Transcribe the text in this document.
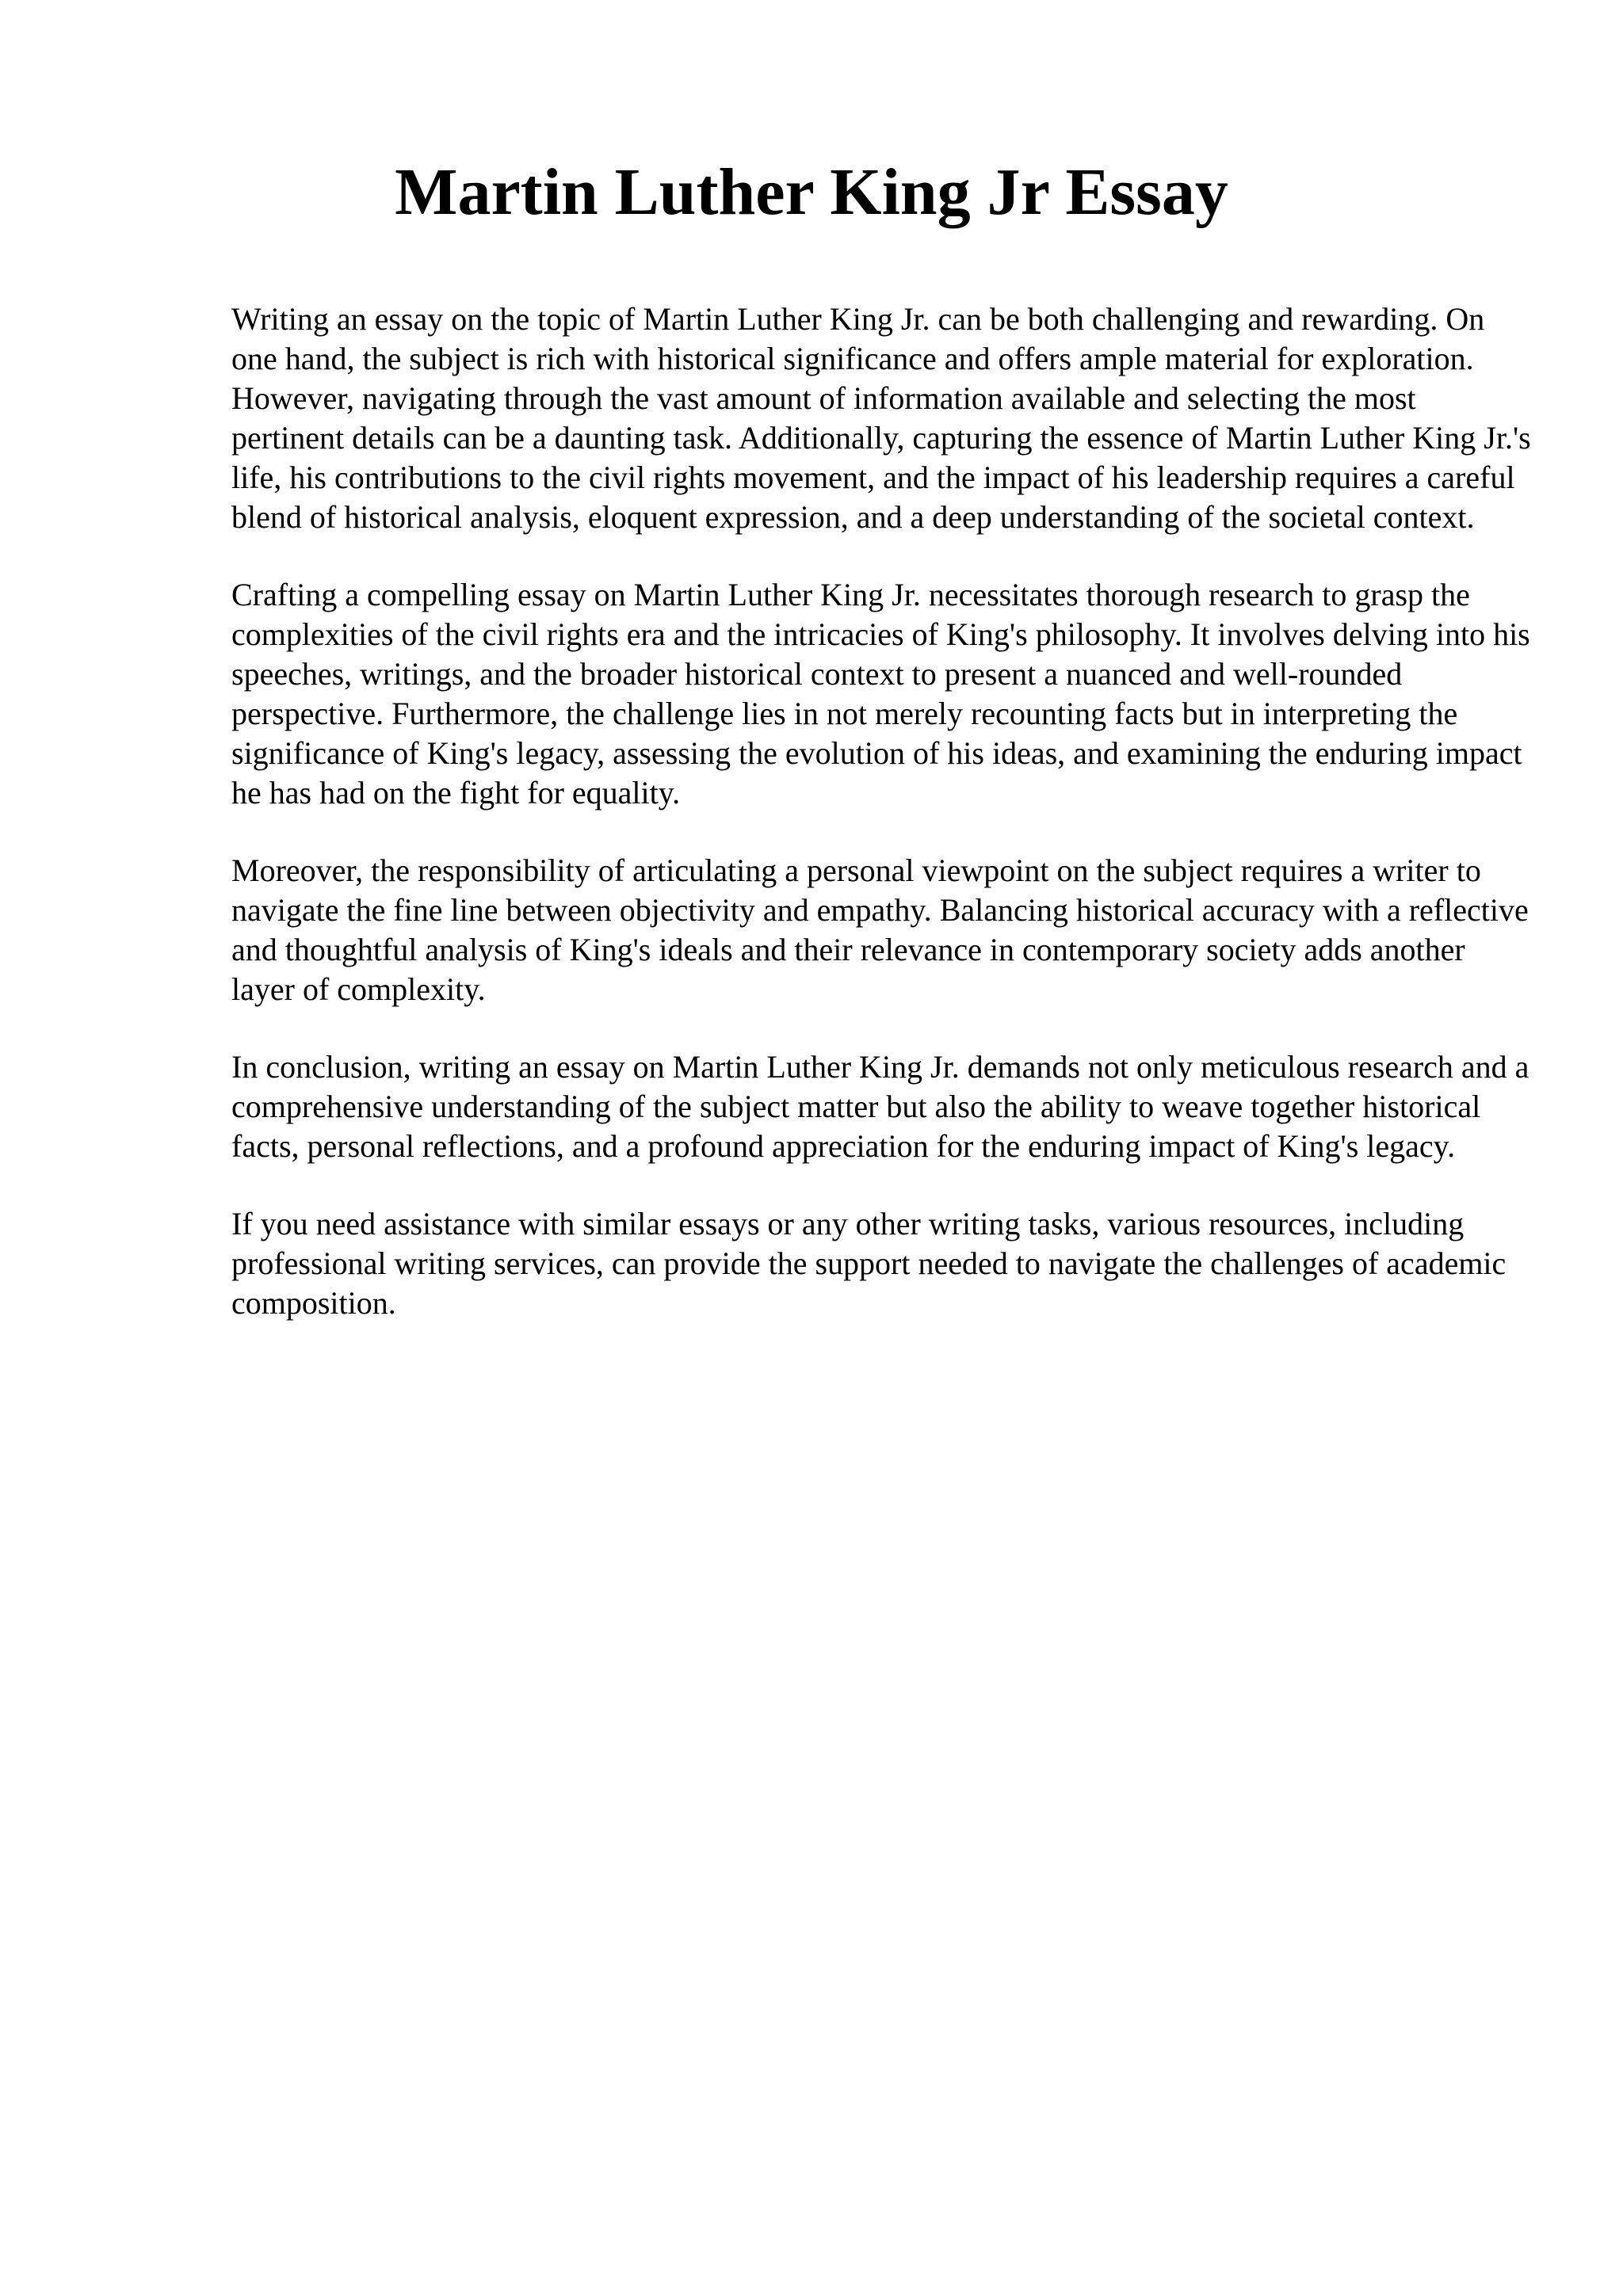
Martin Luther King Jr Essay

Writing an essay on the topic of Martin Luther King Jr. can be both challenging and rewarding. On one hand, the subject is rich with historical significance and offers ample material for exploration. However, navigating through the vast amount of information available and selecting the most pertinent details can be a daunting task. Additionally, capturing the essence of Martin Luther King Jr.'s life, his contributions to the civil rights movement, and the impact of his leadership requires a careful blend of historical analysis, eloquent expression, and a deep understanding of the societal context.

Crafting a compelling essay on Martin Luther King Jr. necessitates thorough research to grasp the complexities of the civil rights era and the intricacies of King's philosophy. It involves delving into his speeches, writings, and the broader historical context to present a nuanced and well-rounded perspective. Furthermore, the challenge lies in not merely recounting facts but in interpreting the significance of King's legacy, assessing the evolution of his ideas, and examining the enduring impact he has had on the fight for equality.

Moreover, the responsibility of articulating a personal viewpoint on the subject requires a writer to navigate the fine line between objectivity and empathy. Balancing historical accuracy with a reflective and thoughtful analysis of King's ideals and their relevance in contemporary society adds another layer of complexity.

In conclusion, writing an essay on Martin Luther King Jr. demands not only meticulous research and a comprehensive understanding of the subject matter but also the ability to weave together historical facts, personal reflections, and a profound appreciation for the enduring impact of King's legacy.

If you need assistance with similar essays or any other writing tasks, various resources, including professional writing services, can provide the support needed to navigate the challenges of academic composition.
